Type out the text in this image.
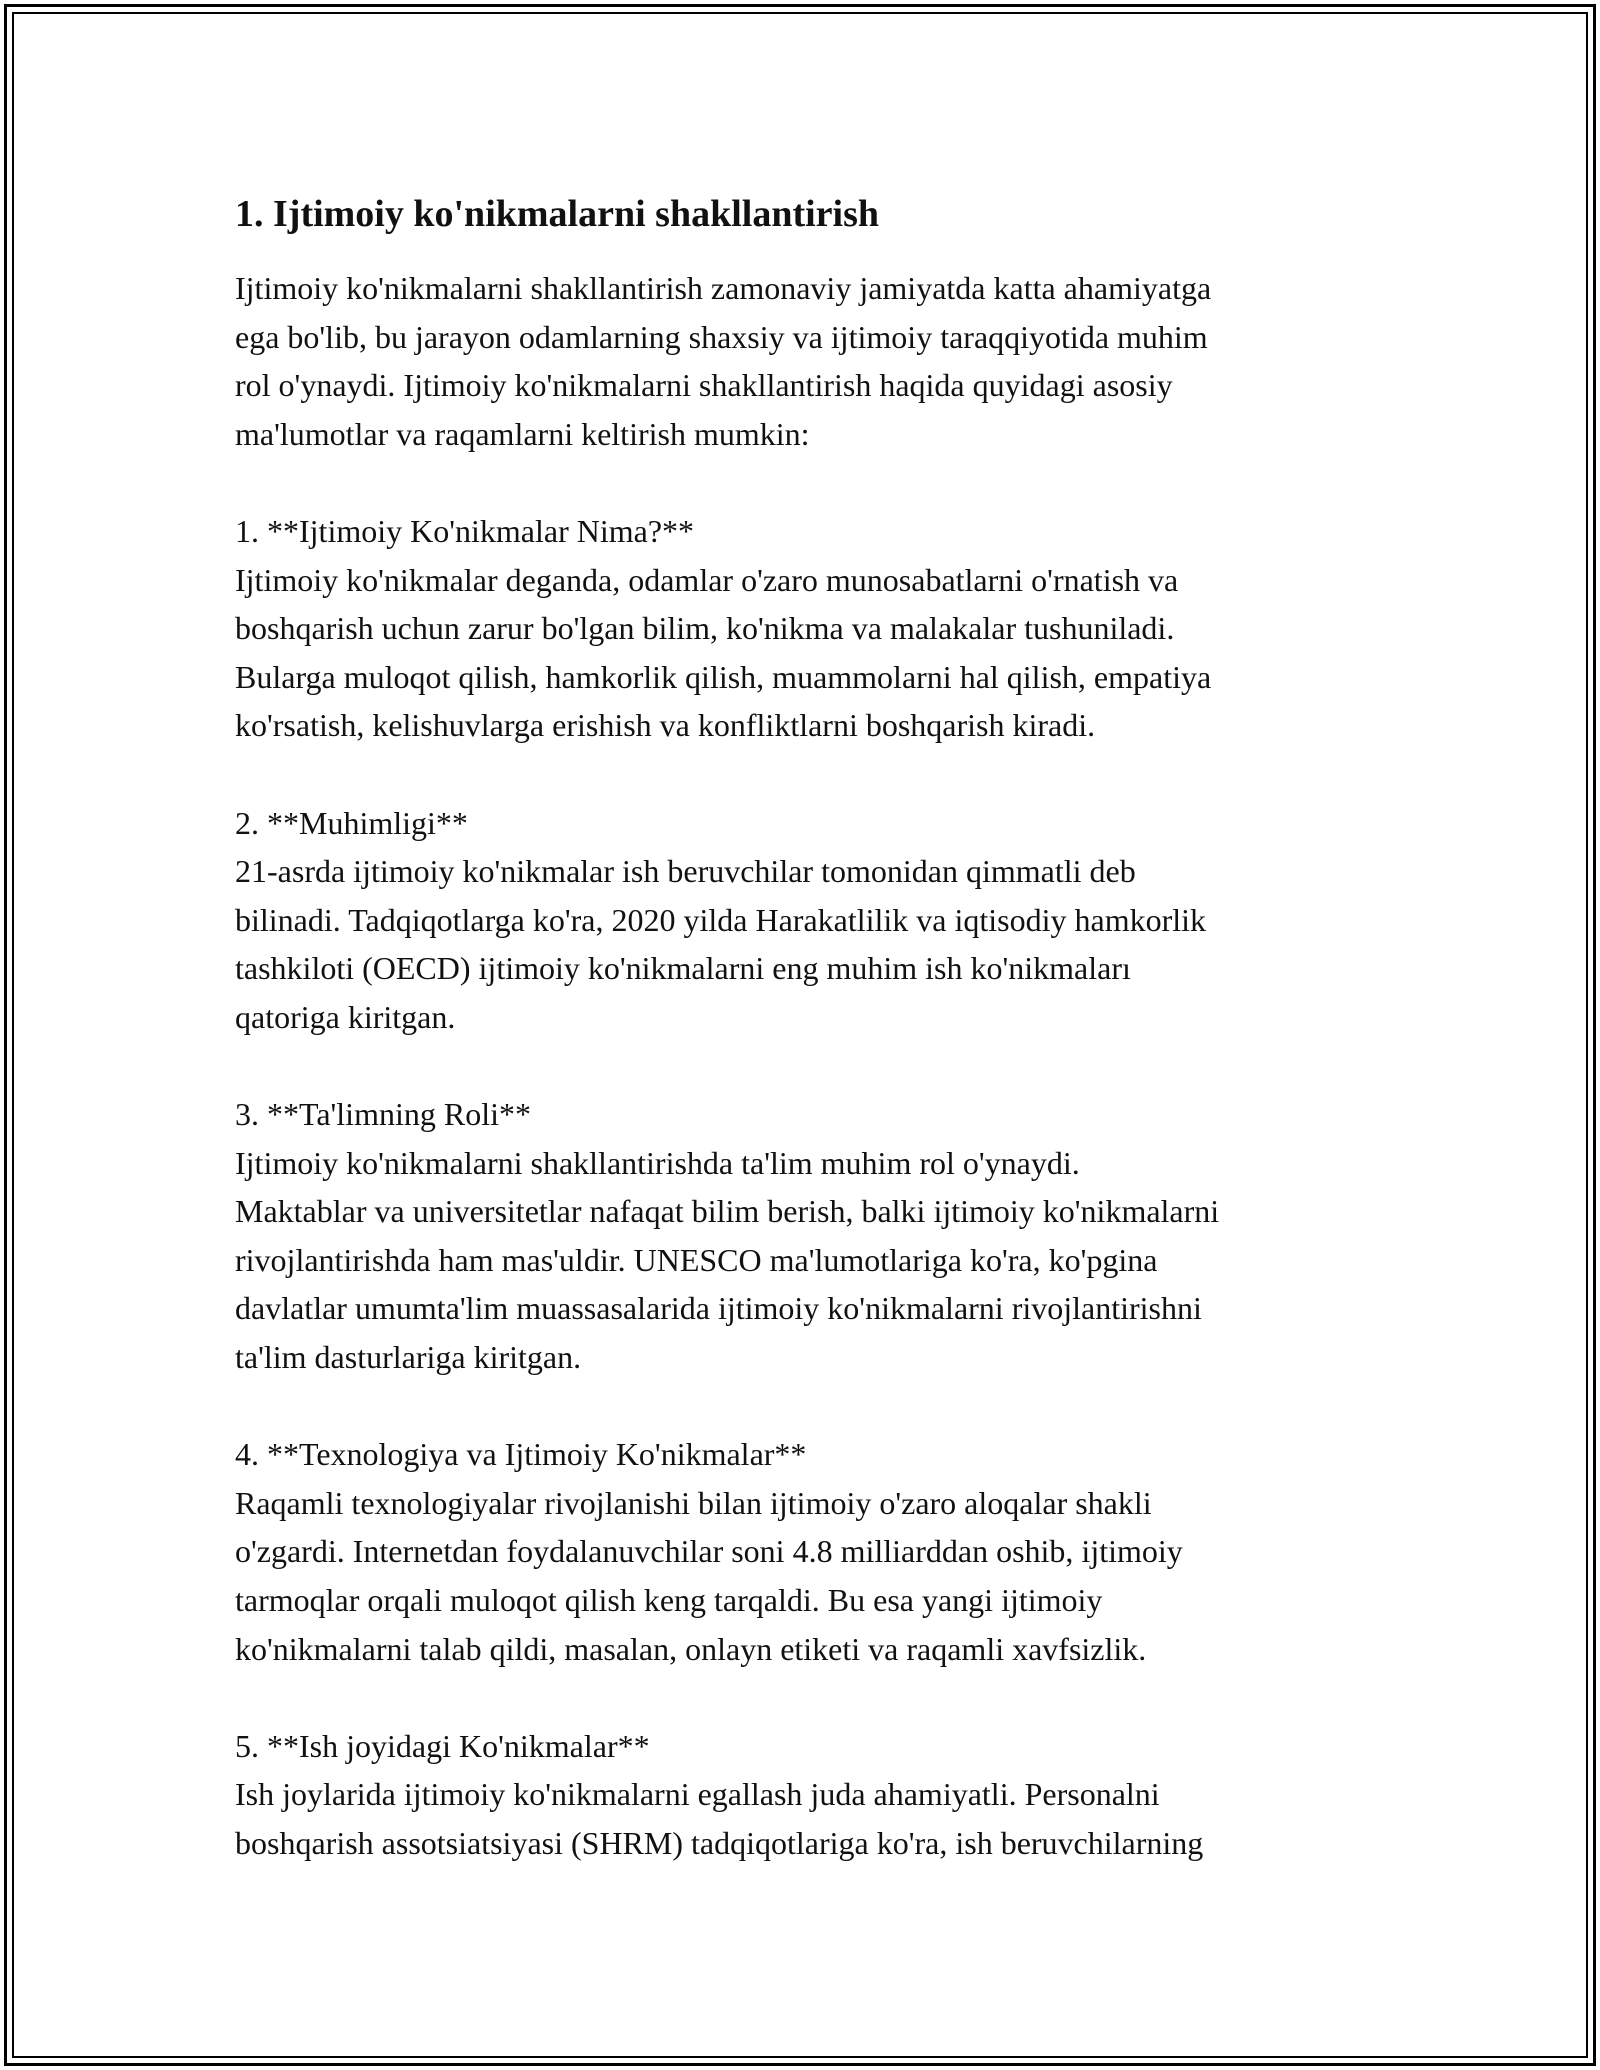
1. Ijtimoiy ko'nikmalarni shakllantirish

Ijtimoiy ko'nikmalarni shakllantirish zamonaviy jamiyatda katta ahamiyatga
ega bo'lib, bu jarayon odamlarning shaxsiy va ijtimoiy taraqqiyotida muhim
rol o'ynaydi. Ijtimoiy ko'nikmalarni shakllantirish haqida quyidagi asosiy
ma'lumotlar va raqamlarni keltirish mumkin:

1. **Ijtimoiy Ko'nikmalar Nima?**

Ijtimoiy ko'nikmalar deganda, odamlar o'zaro munosabatlarni o'rnatish va
boshqarish uchun zarur bo'lgan bilim, ko'nikma va malakalar tushuniladi.
Bularga muloqot qilish, hamkorlik qilish, muammolarni hal qilish, empatiya
ko'rsatish, kelishuvlarga erishish va konfliktlarni boshqarish kiradi.

2. **Muhimligi**

21-asrda ijtimoiy ko'nikmalar ish beruvchilar tomonidan qimmatli deb
bilinadi. Tadqiqotlarga ko'ra, 2020 yilda Harakatlilik va iqtisodiy hamkorlik
tashkiloti (OECD) ijtimoiy ko'nikmalarni eng muhim ish ko'nikmaları
qatoriga kiritgan.

3. **Ta'limning Roli**

Ijtimoiy ko'nikmalarni shakllantirishda ta'lim muhim rol o'ynaydi.
Maktablar va universitetlar nafaqat bilim berish, balki ijtimoiy ko'nikmalarni
rivojlantirishda ham mas'uldir. UNESCO ma'lumotlariga ko'ra, ko'pgina
davlatlar umumta'lim muassasalarida ijtimoiy ko'nikmalarni rivojlantirishni
ta'lim dasturlariga kiritgan.

4. **Texnologiya va Ijtimoiy Ko'nikmalar**

Raqamli texnologiyalar rivojlanishi bilan ijtimoiy o'zaro aloqalar shakli
o'zgardi. Internetdan foydalanuvchilar soni 4.8 milliarddan oshib, ijtimoiy
tarmoqlar orqali muloqot qilish keng tarqaldi. Bu esa yangi ijtimoiy
ko'nikmalarni talab qildi, masalan, onlayn etiketi va raqamli xavfsizlik.

5. **Ish joyidagi Ko'nikmalar**

Ish joylarida ijtimoiy ko'nikmalarni egallash juda ahamiyatli. Personalni
boshqarish assotsiatsiyasi (SHRM) tadqiqotlariga ko'ra, ish beruvchilarning
